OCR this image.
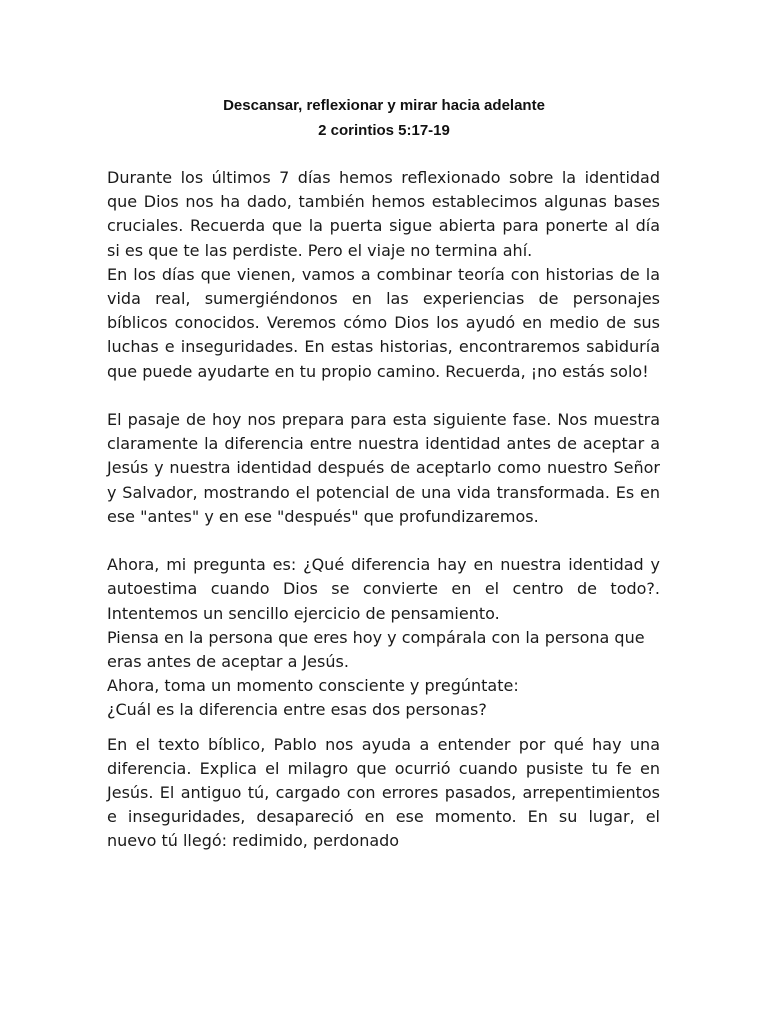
Descansar, reflexionar y mirar hacia adelante
2 corintios 5:17-19

Durante los últimos 7 días hemos reflexionado sobre la identidad que Dios nos ha dado, también hemos establecimos algunas bases cruciales. Recuerda que la puerta sigue abierta para ponerte al día si es que te las perdiste. Pero el viaje no termina ahí.

En los días que vienen, vamos a combinar teoría con historias de la vida real, sumergiéndonos en las experiencias de personajes bíblicos conocidos. Veremos cómo Dios los ayudó en medio de sus luchas e inseguridades. En estas historias, encontraremos sabiduría que puede ayudarte en tu propio camino. Recuerda, ¡no estás solo!

El pasaje de hoy nos prepara para esta siguiente fase. Nos muestra claramente la diferencia entre nuestra identidad antes de aceptar a Jesús y nuestra identidad después de aceptarlo como nuestro Señor y Salvador, mostrando el potencial de una vida transformada. Es en ese "antes" y en ese "después" que profundizaremos.

Ahora, mi pregunta es: ¿Qué diferencia hay en nuestra identidad y autoestima cuando Dios se convierte en el centro de todo?. Intentemos un sencillo ejercicio de pensamiento.

Piensa en la persona que eres hoy y compárala con la persona que eras antes de aceptar a Jesús.

Ahora, toma un momento consciente y pregúntate:

¿Cuál es la diferencia entre esas dos personas?

En el texto bíblico, Pablo nos ayuda a entender por qué hay una diferencia. Explica el milagro que ocurrió cuando pusiste tu fe en Jesús. El antiguo tú, cargado con errores pasados, arrepentimientos e inseguridades, desapareció en ese momento. En su lugar, el nuevo tú llegó: redimido, perdonado
